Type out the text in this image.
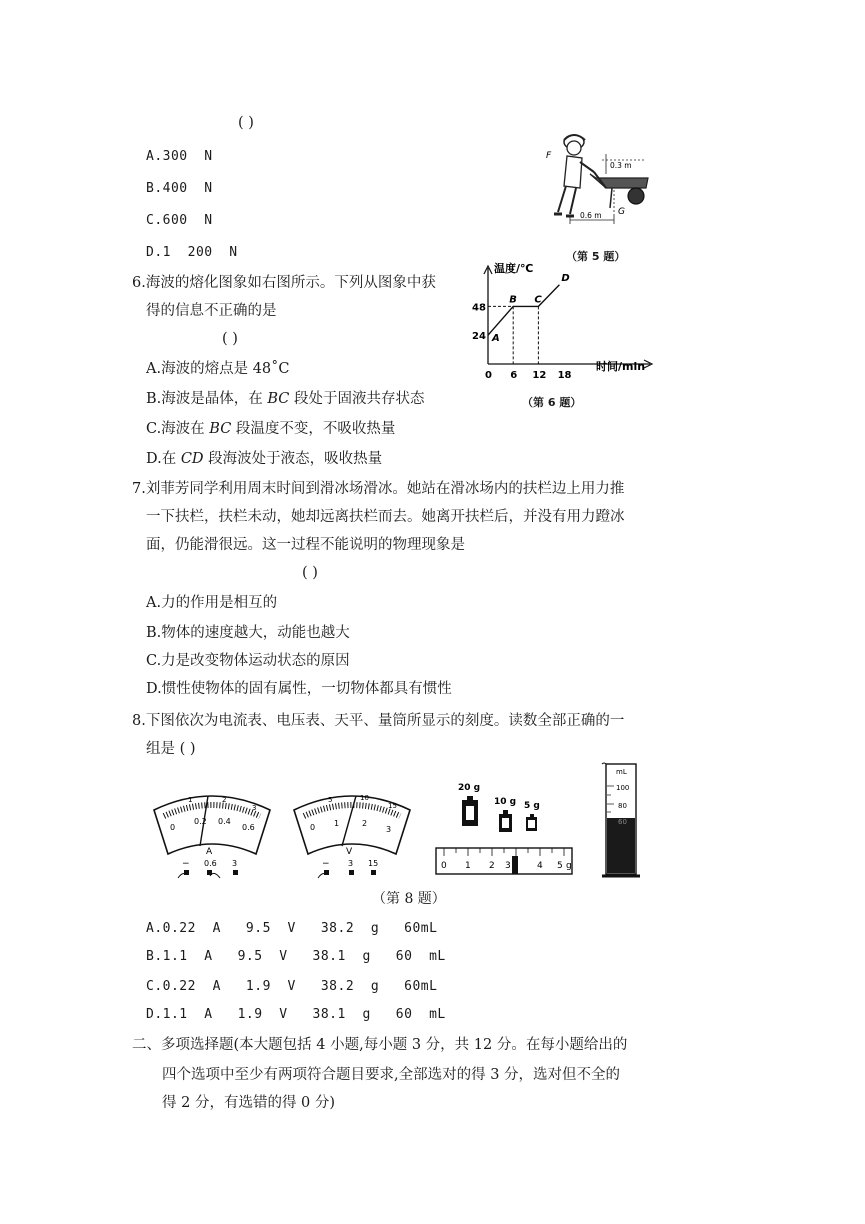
( )
A.300  N
B.400  N
C.600  N
D.1  200  N
F
G
0.3 m
0.6 m
（第 5 题）
6.海波的熔化图象如右图所示。下列从图象中获
得的信息不正确的是
( )
A.海波的熔点是 48˚C
B.海波是晶体，在 BC 段处于固液共存状态
C.海波在 BC 段温度不变，不吸收热量
D.在 CD 段海波处于液态，吸收热量
温度/℃
时间/min
0 6 12 18
24
48
A
B C
D
（第 6 题）
7.刘菲芳同学利用周末时间到滑冰场滑冰。她站在滑冰场内的扶栏边上用力推
一下扶栏，扶栏未动，她却远离扶栏而去。她离开扶栏后，并没有用力蹬冰
面，仍能滑很远。这一过程不能说明的物理现象是
( )
A.力的作用是相互的
B.物体的速度越大，动能也越大
C.力是改变物体运动状态的原因
D.惯性使物体的固有属性，一切物体都具有惯性
8.下图依次为电流表、电压表、天平、量筒所显示的刻度。读数全部正确的一
组是 ( )
0
0.2 0.4
0.6
1	2
3
A
− 0.6 3
0 1	2
3
5	10
15
V
− 3 15
20 g
10 g 5 g
0 1 2 3	4 5 g
mL
100
80
60
（第 8 题）
A.0.22  A   9.5  V   38.2  g   60mL
B.1.1  A   9.5  V   38.1  g   60  mL
C.0.22  A   1.9  V   38.2  g   60mL
D.1.1  A   1.9  V   38.1  g   60  mL
二、多项选择题(本大题包括 4 小题,每小题 3 分，共 12 分。在每小题给出的
四个选项中至少有两项符合题目要求,全部选对的得 3 分，选对但不全的
得 2 分，有选错的得 0 分)
